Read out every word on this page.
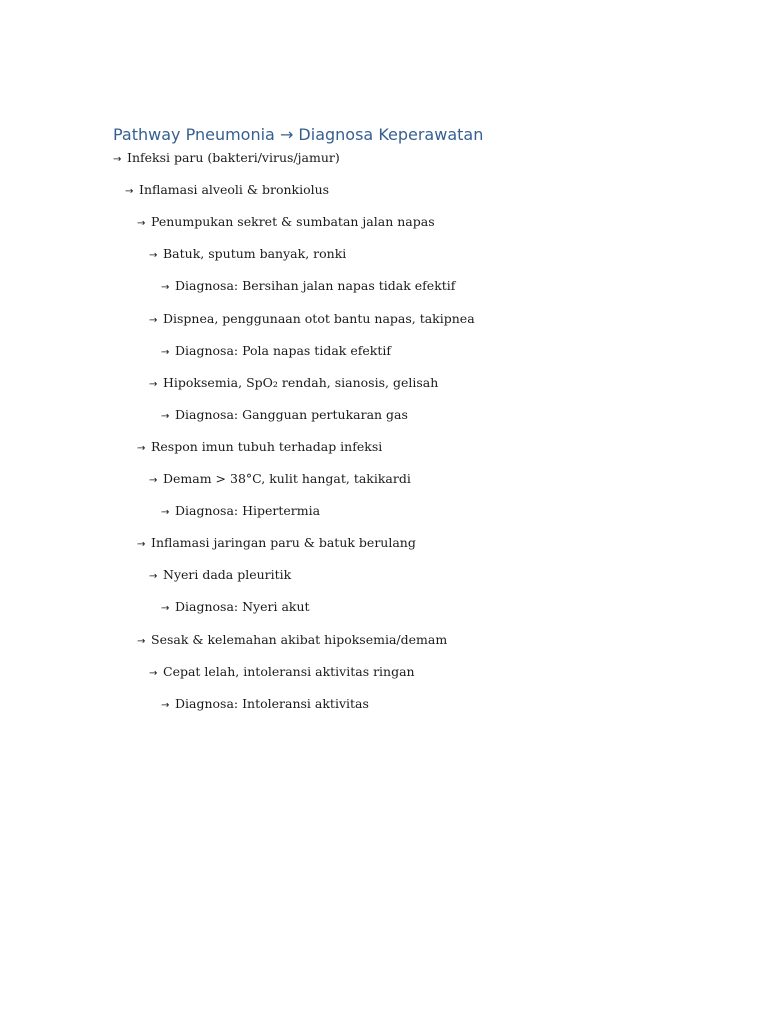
Pathway Pneumonia → Diagnosa Keperawatan
→ Infeksi paru (bakteri/virus/jamur)
→ Inflamasi alveoli & bronkiolus
→ Penumpukan sekret & sumbatan jalan napas
→ Batuk, sputum banyak, ronki
→ Diagnosa: Bersihan jalan napas tidak efektif
→ Dispnea, penggunaan otot bantu napas, takipnea
→ Diagnosa: Pola napas tidak efektif
→ Hipoksemia, SpO₂ rendah, sianosis, gelisah
→ Diagnosa: Gangguan pertukaran gas
→ Respon imun tubuh terhadap infeksi
→ Demam > 38°C, kulit hangat, takikardi
→ Diagnosa: Hipertermia
→ Inflamasi jaringan paru & batuk berulang
→ Nyeri dada pleuritik
→ Diagnosa: Nyeri akut
→ Sesak & kelemahan akibat hipoksemia/demam
→ Cepat lelah, intoleransi aktivitas ringan
→ Diagnosa: Intoleransi aktivitas
